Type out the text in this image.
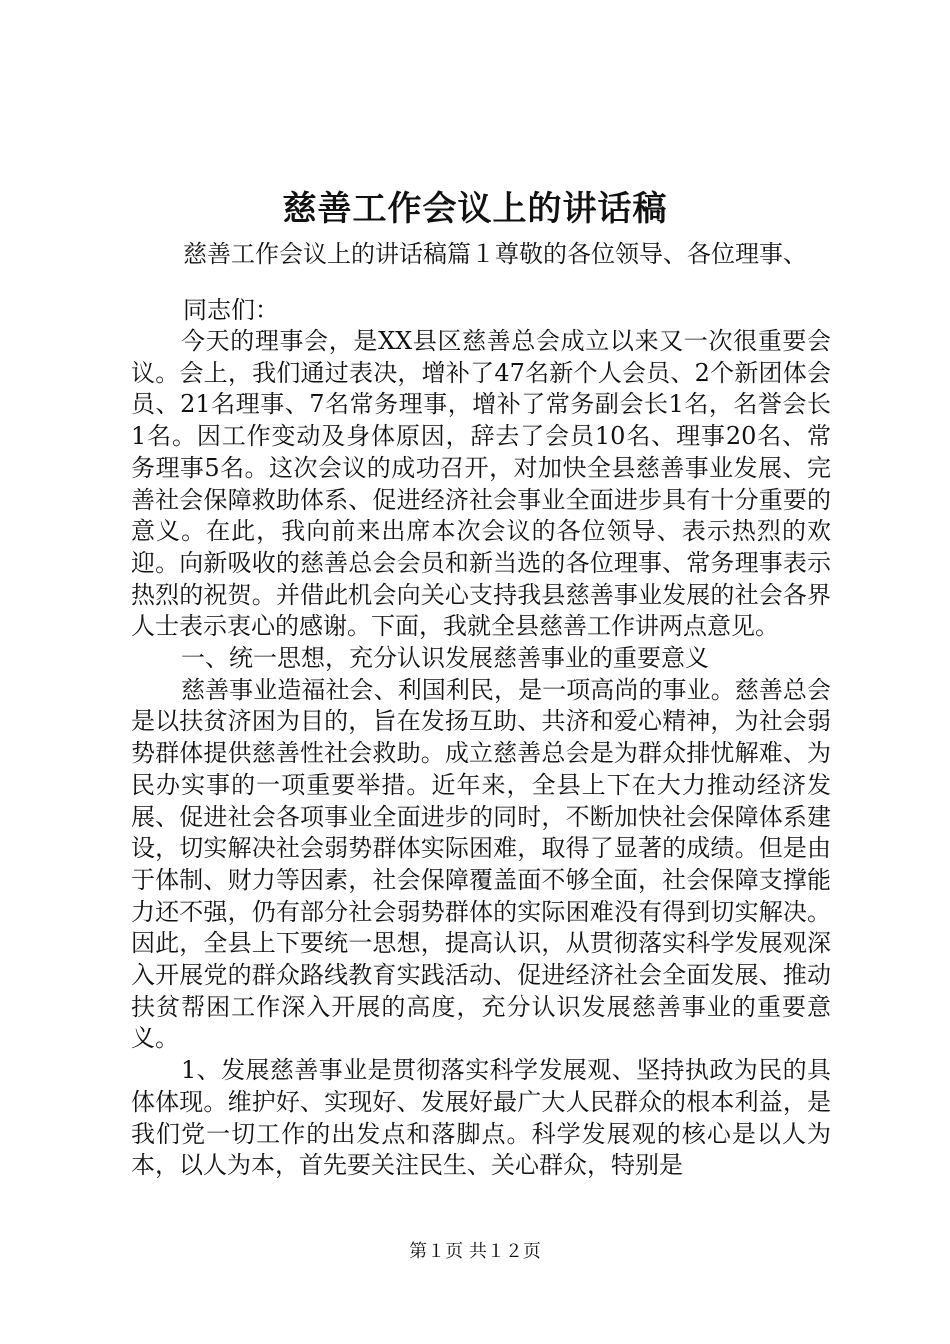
慈善工作会议上的讲话稿
慈善工作会议上的讲话稿篇１尊敬的各位领导、各位理事、
同志们：

今天的理事会，是XX县区慈善总会成立以来又一次很重要会议。会上，我们通过表决，增补了47名新个人会员、2个新团体会员、21名理事、7名常务理事，增补了常务副会长1名，名誉会长1名。因工作变动及身体原因，辞去了会员10名、理事20名、常务理事5名。这次会议的成功召开，对加快全县慈善事业发展、完善社会保障救助体系、促进经济社会事业全面进步具有十分重要的意义。在此，我向前来出席本次会议的各位领导、表示热烈的欢迎。向新吸收的慈善总会会员和新当选的各位理事、常务理事表示热烈的祝贺。并借此机会向关心支持我县慈善事业发展的社会各界人士表示衷心的感谢。下面，我就全县慈善工作讲两点意见。

一、统一思想，充分认识发展慈善事业的重要意义

慈善事业造福社会、利国利民，是一项高尚的事业。慈善总会是以扶贫济困为目的，旨在发扬互助、共济和爱心精神，为社会弱势群体提供慈善性社会救助。成立慈善总会是为群众排忧解难、为民办实事的一项重要举措。近年来，全县上下在大力推动经济发展、促进社会各项事业全面进步的同时，不断加快社会保障体系建设，切实解决社会弱势群体实际困难，取得了显著的成绩。但是由于体制、财力等因素，社会保障覆盖面不够全面，社会保障支撑能力还不强，仍有部分社会弱势群体的实际困难没有得到切实解决。因此，全县上下要统一思想，提高认识，从贯彻落实科学发展观深入开展党的群众路线教育实践活动、促进经济社会全面发展、推动扶贫帮困工作深入开展的高度，充分认识发展慈善事业的重要意义。

1、发展慈善事业是贯彻落实科学发展观、坚持执政为民的具体体现。维护好、实现好、发展好最广大人民群众的根本利益，是我们党一切工作的出发点和落脚点。科学发展观的核心是以人为本，以人为本，首先要关注民生、关心群众，特别是

第１页 共１２页
